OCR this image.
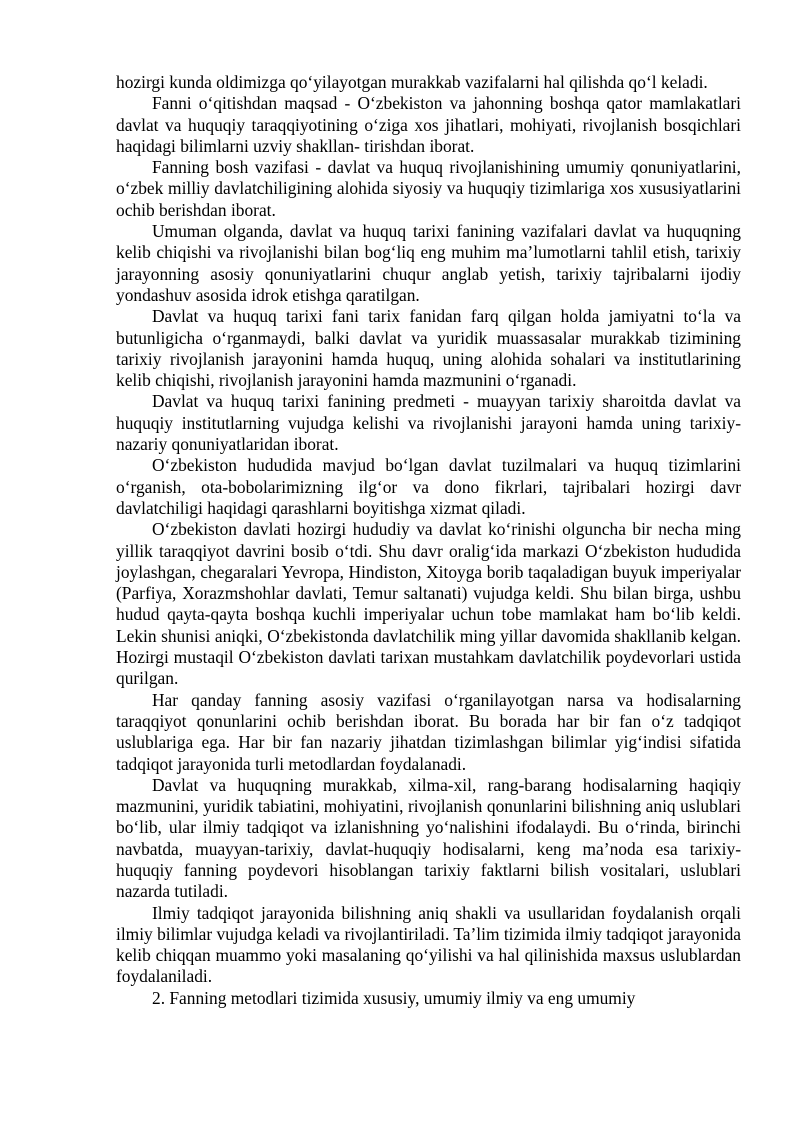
hozirgi kunda oldimizga qo‘yilayotgan murakkab vazifalarni hal qilishda qo‘l keladi.

Fanni o‘qitishdan maqsad - O‘zbekiston va jahonning boshqa qator mamlakatlari davlat va huquqiy taraqqiyotining o‘ziga xos jihatlari, mohiyati, rivojlanish bosqichlari haqidagi bilimlarni uzviy shakllan- tirishdan iborat.

Fanning bosh vazifasi - davlat va huquq rivojlanishining umumiy qonuniyatlarini, o‘zbek milliy davlatchiligining alohida siyosiy va huquqiy tizimlariga xos xususiyatlarini ochib berishdan iborat.

Umuman olganda, davlat va huquq tarixi fanining vazifalari davlat va huquqning kelib chiqishi va rivojlanishi bilan bog‘liq eng muhim ma’lumotlarni tahlil etish, tarixiy jarayonning asosiy qonuniyatlarini chuqur anglab yetish, tarixiy tajribalarni ijodiy yondashuv asosida idrok etishga qaratilgan.

Davlat va huquq tarixi fani tarix fanidan farq qilgan holda jamiyatni to‘la va butunligicha o‘rganmaydi, balki davlat va yuridik muassasalar murakkab tizimining tarixiy rivojlanish jarayonini hamda huquq, uning alohida sohalari va institutlarining kelib chiqishi, rivojlanish jarayonini hamda mazmunini o‘rganadi.

Davlat va huquq tarixi fanining predmeti - muayyan tarixiy sharoitda davlat va huquqiy institutlarning vujudga kelishi va rivojlanishi jarayoni hamda uning tarixiy-nazariy qonuniyatlaridan iborat.

O‘zbekiston hududida mavjud bo‘lgan davlat tuzilmalari va huquq tizimlarini o‘rganish, ota-bobolarimizning ilg‘or va dono fikrlari, tajribalari hozirgi davr davlatchiligi haqidagi qarashlarni boyitishga xizmat qiladi.

O‘zbekiston davlati hozirgi hududiy va davlat ko‘rinishi olguncha bir necha ming yillik taraqqiyot davrini bosib o‘tdi. Shu davr oralig‘ida markazi O‘zbekiston hududida joylashgan, chegaralari Yevropa, Hindiston, Xitoyga borib taqaladigan buyuk imperiyalar (Parfiya, Xorazmshohlar davlati, Temur saltanati) vujudga keldi. Shu bilan birga, ushbu hudud qayta-qayta boshqa kuchli imperiyalar uchun tobe mamlakat ham bo‘lib keldi. Lekin shunisi aniqki, O‘zbekistonda davlatchilik ming yillar davomida shakllanib kelgan. Hozirgi mustaqil O‘zbekiston davlati tarixan mustahkam davlatchilik poydevorlari ustida qurilgan.

Har qanday fanning asosiy vazifasi o‘rganilayotgan narsa va hodisalarning taraqqiyot qonunlarini ochib berishdan iborat. Bu borada har bir fan o‘z tadqiqot uslublariga ega. Har bir fan nazariy jihatdan tizimlashgan bilimlar yig‘indisi sifatida tadqiqot jarayonida turli metodlardan foydalanadi.

Davlat va huquqning murakkab, xilma-xil, rang-barang hodisalarning haqiqiy mazmunini, yuridik tabiatini, mohiyatini, rivojlanish qonunlarini bilishning aniq uslublari bo‘lib, ular ilmiy tadqiqot va izlanishning yo‘nalishini ifodalaydi. Bu o‘rinda, birinchi navbatda, muayyan-tarixiy, davlat-huquqiy hodisalarni, keng ma’noda esa tarixiy-huquqiy fanning poydevori hisoblangan tarixiy faktlarni bilish vositalari, uslublari nazarda tutiladi.

Ilmiy tadqiqot jarayonida bilishning aniq shakli va usullaridan foydalanish orqali ilmiy bilimlar vujudga keladi va rivojlantiriladi. Ta’lim tizimida ilmiy tadqiqot jarayonida kelib chiqqan muammo yoki masalaning qo‘yilishi va hal qilinishida maxsus uslublardan foydalaniladi.

2. Fanning metodlari tizimida xususiy, umumiy ilmiy va eng umumiy
